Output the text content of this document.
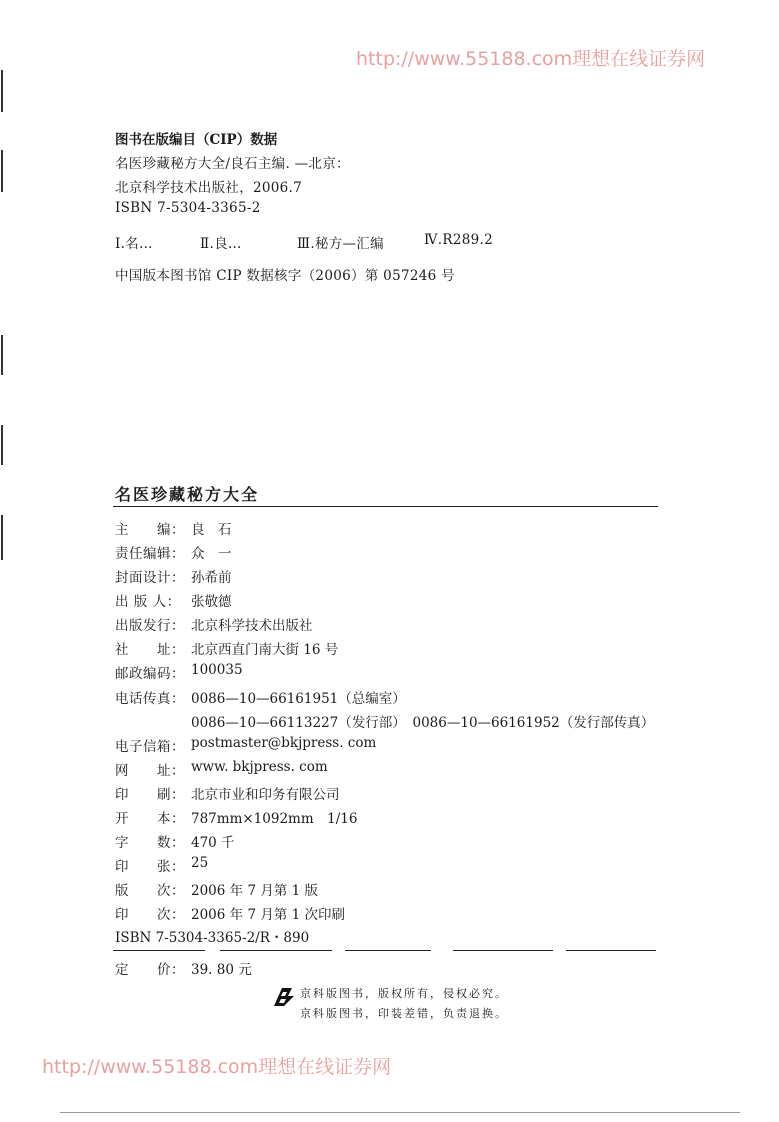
http://www.55188.com理想在线证券网
图书在版编目（CIP）数据
名医珍藏秘方大全/良石主编. —北京：
北京科学技术出版社，2006.7
ISBN 7-5304-3365-2
Ⅰ.名…	Ⅱ.良…	Ⅲ.秘方—汇编	Ⅳ.R289.2
中国版本图书馆 CIP 数据核字（2006）第 057246 号
名医珍藏秘方大全
主　　编： 良　石
责任编辑： 众　一
封面设计： 孙希前
出 版 人： 张敬德
出版发行： 北京科学技术出版社
社　　址： 北京西直门南大街 16 号
邮政编码： 100035
电话传真： 0086—10—66161951（总编室）
0086—10—66113227（发行部）　0086—10—66161952（发行部传真）
电子信箱： postmaster@bkjpress. com
网　　址： www. bkjpress. com
印　　刷： 北京市业和印务有限公司
开　　本： 787mm×1092mm　1/16
字　　数： 470 千
印　　张： 25
版　　次： 2006 年 7 月第 1 版
印　　次： 2006 年 7 月第 1 次印刷
ISBN 7-5304-3365-2/R・890
定　　价： 39. 80 元
京科版图书，版权所有，侵权必究。
京科版图书，印装差错，负责退换。
http://www.55188.com理想在线证券网
